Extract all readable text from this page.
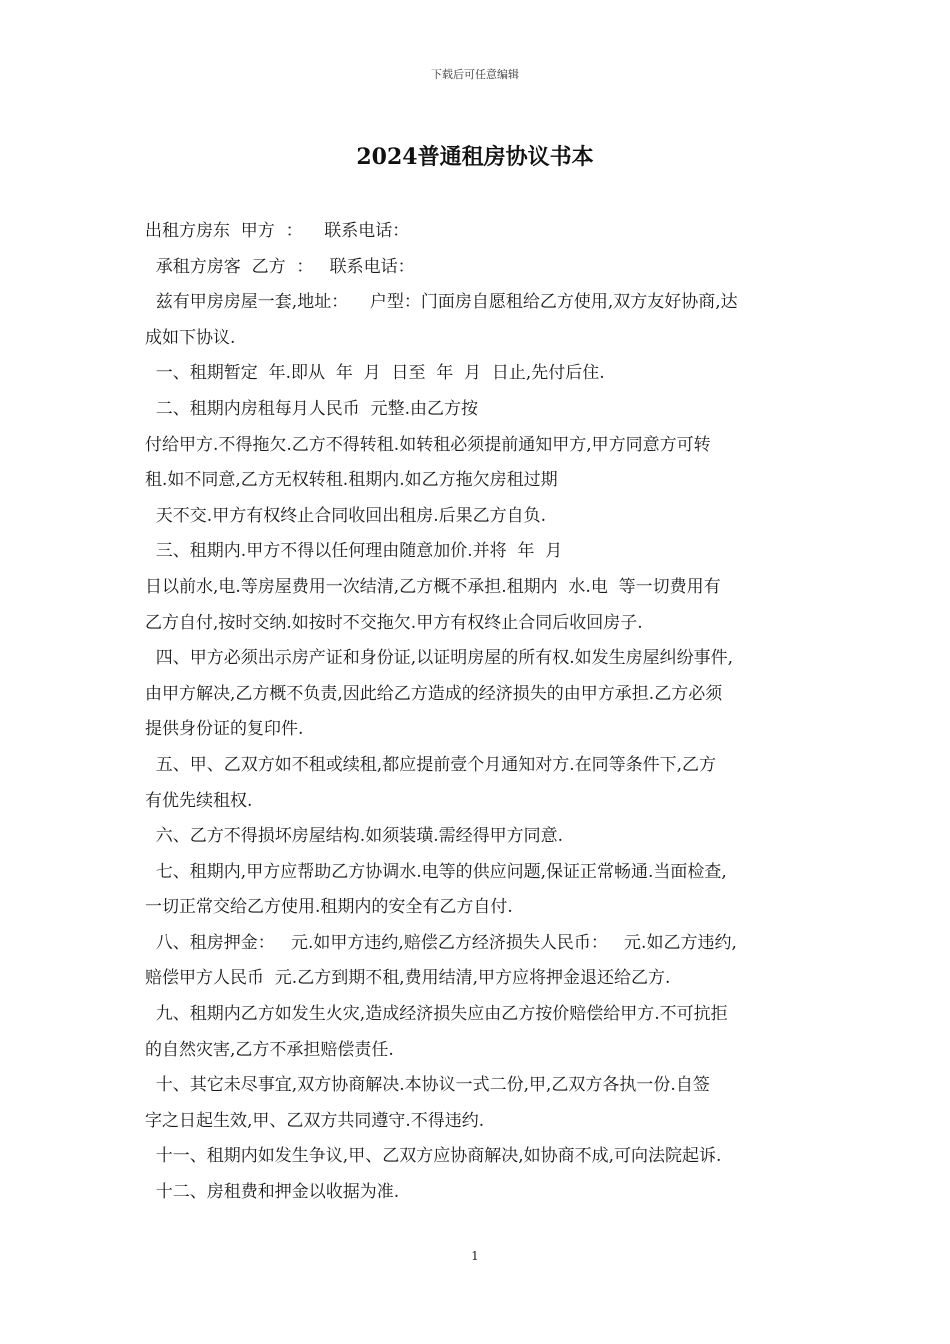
下载后可任意编辑
2024普通租房协议书本
出租方房东  甲方  ：    联系电话：
承租方房客  乙方  ：   联系电话：
兹有甲房房屋一套,地址：    户型：门面房自愿租给乙方使用,双方友好协商,达
成如下协议.
一、租期暂定  年.即从  年  月  日至  年  月  日止,先付后住.
二、租期内房租每月人民币  元整.由乙方按
付给甲方.不得拖欠.乙方不得转租.如转租必须提前通知甲方,甲方同意方可转
租.如不同意,乙方无权转租.租期内.如乙方拖欠房租过期
天不交.甲方有权终止合同收回出租房.后果乙方自负.
三、租期内.甲方不得以任何理由随意加价.并将  年  月
日以前水,电.等房屋费用一次结清,乙方概不承担.租期内  水.电  等一切费用有
乙方自付,按时交纳.如按时不交拖欠.甲方有权终止合同后收回房子.
四、甲方必须出示房产证和身份证,以证明房屋的所有权.如发生房屋纠纷事件,
由甲方解决,乙方概不负责,因此给乙方造成的经济损失的由甲方承担.乙方必须
提供身份证的复印件.
五、甲、乙双方如不租或续租,都应提前壹个月通知对方.在同等条件下,乙方
有优先续租权.
六、乙方不得损坏房屋结构.如须装璜.需经得甲方同意.
七、租期内,甲方应帮助乙方协调水.电等的供应问题,保证正常畅通.当面检查,
一切正常交给乙方使用.租期内的安全有乙方自付.
八、租房押金：   元.如甲方违约,赔偿乙方经济损失人民币：   元.如乙方违约,
赔偿甲方人民币  元.乙方到期不租,费用结清,甲方应将押金退还给乙方.
九、租期内乙方如发生火灾,造成经济损失应由乙方按价赔偿给甲方.不可抗拒
的自然灾害,乙方不承担赔偿责任.
十、其它未尽事宜,双方协商解决.本协议一式二份,甲,乙双方各执一份.自签
字之日起生效,甲、乙双方共同遵守.不得违约.
十一、租期内如发生争议,甲、乙双方应协商解决,如协商不成,可向法院起诉.
十二、房租费和押金以收据为准.
1
